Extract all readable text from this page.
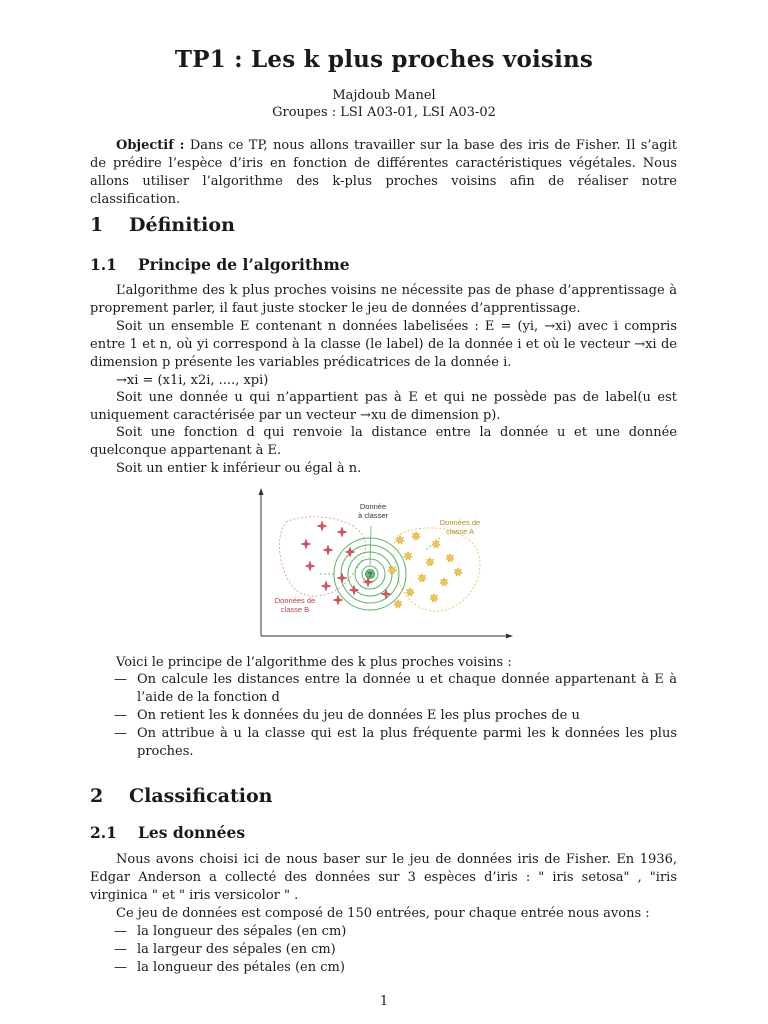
TP1 : Les k plus proches voisins
Majdoub Manel
Groupes : LSI A03-01, LSI A03-02
Objectif : Dans ce TP, nous allons travailler sur la base des iris de Fisher. Il s’agit de prédire l’espèce d’iris en fonction de différentes caractéristiques végétales. Nous allons utiliser l’algorithme des k-plus proches voisins afin de réaliser notre classification.
1 Définition
1.1 Principe de l’algorithme
L’algorithme des k plus proches voisins ne nécessite pas de phase d’apprentissage à proprement parler, il faut juste stocker le jeu de données d’apprentissage.
Soit un ensemble E contenant n données labelisées : E = (yi, →xi) avec i compris entre 1 et n, où yi correspond à la classe (le label) de la donnée i et où le vecteur →xi de dimension p présente les variables prédicatrices de la donnée i.
→xi = (x1i, x2i, ...., xpi)
Soit une donnée u qui n’appartient pas à E et qui ne possède pas de label(u est uniquement caractérisée par un vecteur →xu de dimension p).
Soit une fonction d qui renvoie la distance entre la donnée u et une donnée quelconque appartenant à E.
Soit un entier k inférieur ou égal à n.
?
Donnée
à classer
Données de
classe A
Données de
classe B
Voici le principe de l’algorithme des k plus proches voisins :
— On calcule les distances entre la donnée u et chaque donnée appartenant à E à l’aide de la fonction d
— On retient les k données du jeu de données E les plus proches de u
— On attribue à u la classe qui est la plus fréquente parmi les k données les plus proches.
2 Classification
2.1 Les données
Nous avons choisi ici de nous baser sur le jeu de données iris de Fisher. En 1936, Edgar Anderson a collecté des données sur 3 espèces d’iris : " iris setosa" , "iris virginica " et " iris versicolor " .
Ce jeu de données est composé de 150 entrées, pour chaque entrée nous avons :
— la longueur des sépales (en cm)
— la largeur des sépales (en cm)
— la longueur des pétales (en cm)
1
